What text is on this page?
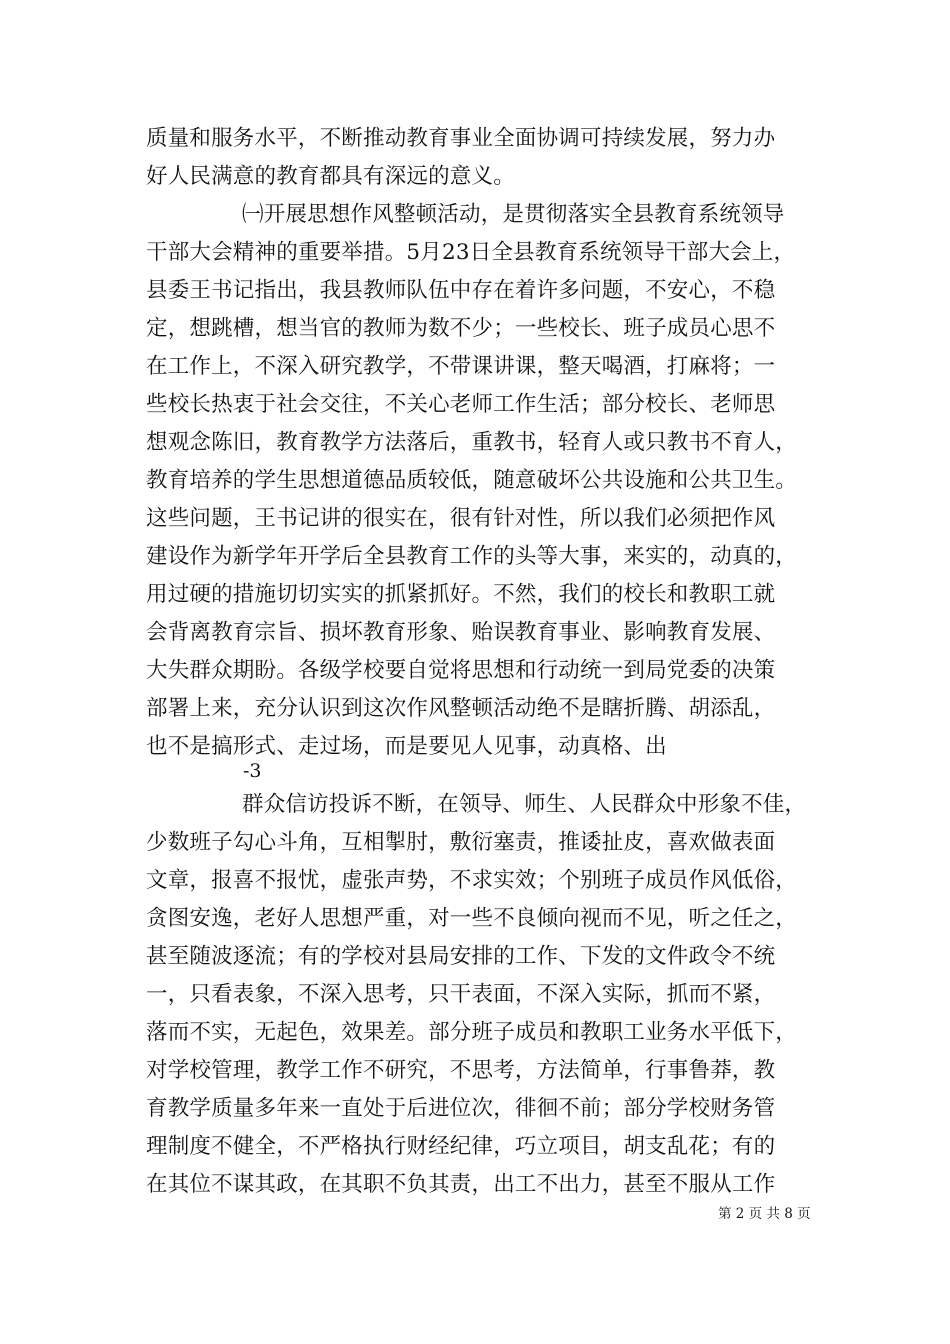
质量和服务水平，不断推动教育事业全面协调可持续发展，努力办
好人民满意的教育都具有深远的意义。
㈠开展思想作风整顿活动，是贯彻落实全县教育系统领导
干部大会精神的重要举措。5月23日全县教育系统领导干部大会上，
县委王书记指出，我县教师队伍中存在着许多问题，不安心，不稳
定，想跳槽，想当官的教师为数不少；一些校长、班子成员心思不
在工作上，不深入研究教学，不带课讲课，整天喝酒，打麻将；一
些校长热衷于社会交往，不关心老师工作生活；部分校长、老师思
想观念陈旧，教育教学方法落后，重教书，轻育人或只教书不育人，
教育培养的学生思想道德品质较低，随意破坏公共设施和公共卫生。
这些问题，王书记讲的很实在，很有针对性，所以我们必须把作风
建设作为新学年开学后全县教育工作的头等大事，来实的，动真的，
用过硬的措施切切实实的抓紧抓好。不然，我们的校长和教职工就
会背离教育宗旨、损坏教育形象、贻误教育事业、影响教育发展、
大失群众期盼。各级学校要自觉将思想和行动统一到局党委的决策
部署上来，充分认识到这次作风整顿活动绝不是瞎折腾、胡添乱，
也不是搞形式、走过场，而是要见人见事，动真格、出
-3
群众信访投诉不断，在领导、师生、人民群众中形象不佳，
少数班子勾心斗角，互相掣肘，敷衍塞责，推诿扯皮，喜欢做表面
文章，报喜不报忧，虚张声势，不求实效；个别班子成员作风低俗，
贪图安逸，老好人思想严重，对一些不良倾向视而不见，听之任之，
甚至随波逐流；有的学校对县局安排的工作、下发的文件政令不统
一，只看表象，不深入思考，只干表面，不深入实际，抓而不紧，
落而不实，无起色，效果差。部分班子成员和教职工业务水平低下，
对学校管理，教学工作不研究，不思考，方法简单，行事鲁莽，教
育教学质量多年来一直处于后进位次，徘徊不前；部分学校财务管
理制度不健全，不严格执行财经纪律，巧立项目，胡支乱花；有的
在其位不谋其政，在其职不负其责，出工不出力，甚至不服从工作
第 2 页 共 8 页
